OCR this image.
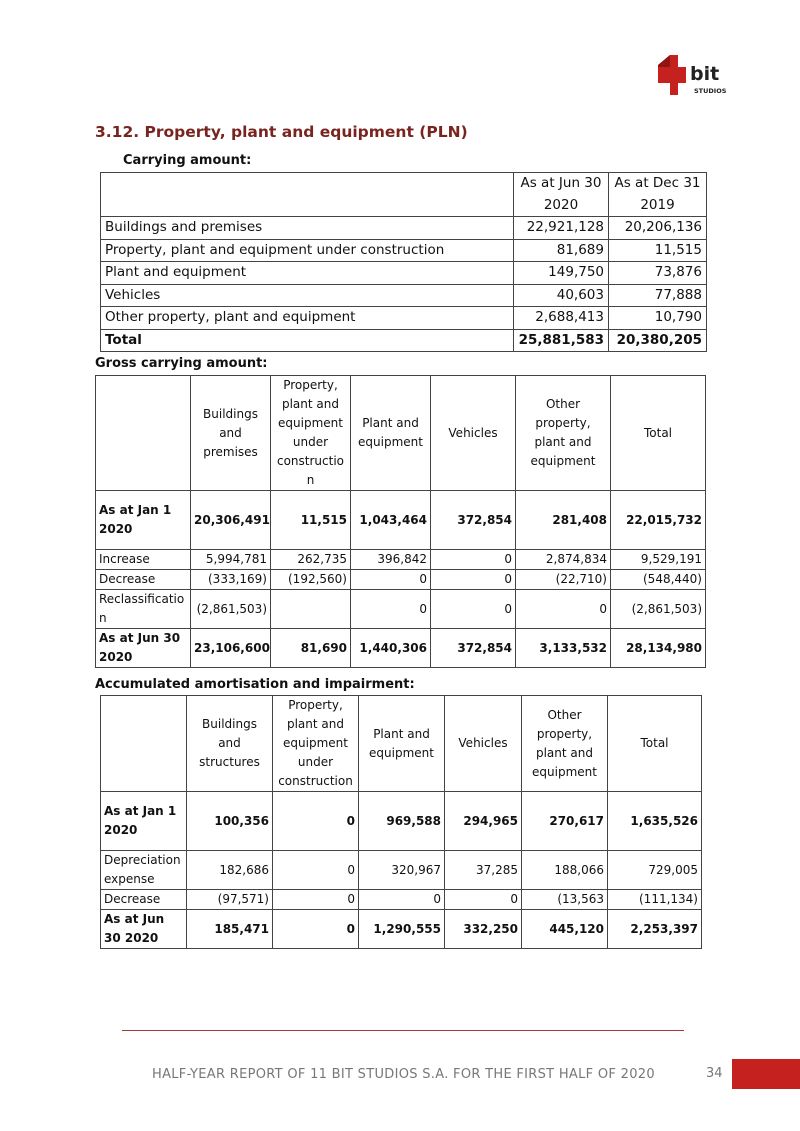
bit
STUDIOS
3.12. Property, plant and equipment (PLN)

Carrying amount:

	As at Jun 30 2020	As at Dec 31 2019
Buildings and premises	22,921,128	20,206,136
Property, plant and equipment under construction	81,689	11,515
Plant and equipment	149,750	73,876
Vehicles	40,603	77,888
Other property, plant and equipment	2,688,413	10,790
Total	25,881,583	20,380,205

Gross carrying amount:

	Buildings and premises	Property, plant and equipment under constructio n	Plant and equipment	Vehicles	Other property, plant and equipment	Total
As at Jan 1 2020	20,306,491	11,515	1,043,464	372,854	281,408	22,015,732
Increase	5,994,781	262,735	396,842	0	2,874,834	9,529,191
Decrease	(333,169)	(192,560)	0	0	(22,710)	(548,440)
Reclassificatio n	(2,861,503)		0	0	0	(2,861,503)
As at Jun 30 2020	23,106,600	81,690	1,440,306	372,854	3,133,532	28,134,980

Accumulated amortisation and impairment:

	Buildings and structures	Property, plant and equipment under construction	Plant and equipment	Vehicles	Other property, plant and equipment	Total
As at Jan 1 2020	100,356	0	969,588	294,965	270,617	1,635,526
Depreciation expense	182,686	0	320,967	37,285	188,066	729,005
Decrease	(97,571)	0	0	0	(13,563	(111,134)
As at Jun 30 2020	185,471	0	1,290,555	332,250	445,120	2,253,397
HALF-YEAR REPORT OF 11 BIT STUDIOS S.A. FOR THE FIRST HALF OF 2020	34
